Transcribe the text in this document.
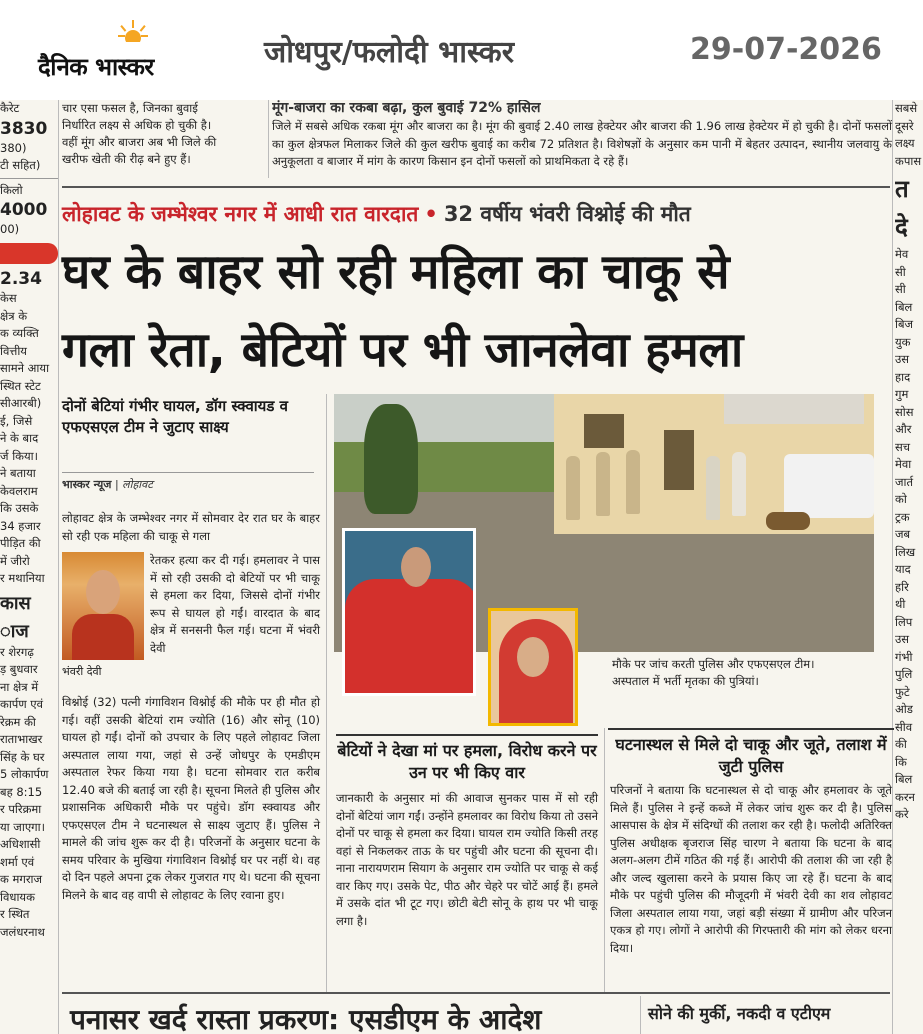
दैनिक भास्कर	जोधपुर/फलोदी भास्कर	29-07-2026

कैरेट

3830

380)

टी सहित)

किलो

4000

00)

2.34

केस

क्षेत्र के

क व्यक्ति

वित्तीय

सामने आया

स्थित स्टेट

सीआरबी)

ई, जिसे

ने के बाद

र्ज किया।

ने बताया

केवलराम

कि उसके

34 हजार

पीड़ित की

में जीरो

र मथानिया

कास

ाज

र शेरगढ़

ड़ बुधवार

ना क्षेत्र में

कार्पण एवं

रेक्रम की

राताभाखर

सिंह के घर

5 लोकार्पण

बह 8:15

र परिक्रमा

या जाएगा।

अधिशासी

शर्मा एवं

क मगराज

विधायक

र स्थित

जलंधरनाथ

सबसे

दूसरे

लक्ष्य

कपास

त

दे

मेव

सी

सी

बिल

बिज

युक

उस

हाद

गुम

सोस

और

सच

मेवा

जार्त

को

ट्रक

जब

लिख

याद

हरि

थी

लिप

उस

गंभी

पुलि

फुटे

ओड

सीव

की

कि

बिल

करन

करे

चार एसा फसल है, जिनका बुवाई

निर्धारित लक्ष्य से अधिक हो चुकी है।

वहीं मूंग और बाजरा अब भी जिले की

खरीफ खेती की रीढ़ बने हुए हैं।

मूंग-बाजरा का रकबा बढ़ा, कुल बुवाई 72% हासिल

जिले में सबसे अधिक रकबा मूंग और बाजरा का है। मूंग की बुवाई 2.40 लाख हेक्टेयर और बाजरा की 1.96 लाख हेक्टेयर में हो चुकी है। दोनों फसलों का कुल क्षेत्रफल मिलाकर जिले की कुल खरीफ बुवाई का करीब 72 प्रतिशत है। विशेषज्ञों के अनुसार कम पानी में बेहतर उत्पादन, स्थानीय जलवायु के अनुकूलता व बाजार में मांग के कारण किसान इन दोनों फसलों को प्राथमिकता दे रहे हैं।

लोहावट के जम्भेश्वर नगर में आधी रात वारदात • 32 वर्षीय भंवरी विश्नोई की मौत
घर के बाहर सो रही महिला का चाकू से
गला रेता, बेटियों पर भी जानलेवा हमला
दोनों बेटियां गंभीर घायल, डॉग स्क्वायड व एफएसएल टीम ने जुटाए साक्ष्य
भास्कर न्यूज | लोहावट

लोहावट क्षेत्र के जम्भेश्वर नगर में सोमवार देर रात घर के बाहर सो रही एक महिला की चाकू से गला

भंवरी देवी

रेतकर हत्या कर दी गई। हमलावर ने पास में सो रही उसकी दो बेटियों पर भी चाकू से हमला कर दिया, जिससे दोनों गंभीर रूप से घायल हो गईं। वारदात के बाद क्षेत्र में सनसनी फैल गई। घटना में भंवरी देवी

विश्नोई (32) पत्नी गंगाविशन विश्नोई की मौके पर ही मौत हो गई। वहीं उसकी बेटियां राम ज्योति (16) और सोनू (10) घायल हो गईं। दोनों को उपचार के लिए पहले लोहावट जिला अस्पताल लाया गया, जहां से उन्हें जोधपुर के एमडीएम अस्पताल रेफर किया गया है। घटना सोमवार रात करीब 12.40 बजे की बताई जा रही है। सूचना मिलते ही पुलिस और प्रशासनिक अधिकारी मौके पर पहुंचे। डॉग स्क्वायड और एफएसएल टीम ने घटनास्थल से साक्ष्य जुटाए हैं। पुलिस ने मामले की जांच शुरू कर दी है। परिजनों के अनुसार घटना के समय परिवार के मुखिया गंगाविशन विश्नोई घर पर नहीं थे। वह दो दिन पहले अपना ट्रक लेकर गुजरात गए थे। घटना की सूचना मिलने के बाद वह वापी से लोहावट के लिए रवाना हुए।

मौके पर जांच करती पुलिस और एफएसएल टीम।

अस्पताल में भर्ती मृतका की पुत्रियां।

बेटियों ने देखा मां पर हमला, विरोध करने पर उन पर भी किए वार

जानकारी के अनुसार मां की आवाज सुनकर पास में सो रही दोनों बेटियां जाग गईं। उन्होंने हमलावर का विरोध किया तो उसने दोनों पर चाकू से हमला कर दिया। घायल राम ज्योति किसी तरह वहां से निकलकर ताऊ के घर पहुंची और घटना की सूचना दी। नाना नारायणराम सियाग के अनुसार राम ज्योति पर चाकू से कई वार किए गए। उसके पेट, पीठ और चेहरे पर चोटें आई हैं। हमले में उसके दांत भी टूट गए। छोटी बेटी सोनू के हाथ पर भी चाकू लगा है।

घटनास्थल से मिले दो चाकू और जूते, तलाश में जुटी पुलिस

परिजनों ने बताया कि घटनास्थल से दो चाकू और हमलावर के जूते मिले हैं। पुलिस ने इन्हें कब्जे में लेकर जांच शुरू कर दी है। पुलिस आसपास के क्षेत्र में संदिग्धों की तलाश कर रही है। फलोदी अतिरिक्त पुलिस अधीक्षक बृजराज सिंह चारण ने बताया कि घटना के बाद अलग-अलग टीमें गठित की गई हैं। आरोपी की तलाश की जा रही है और जल्द खुलासा करने के प्रयास किए जा रहे हैं। घटना के बाद मौके पर पहुंची पुलिस की मौजूदगी में भंवरी देवी का शव लोहावट जिला अस्पताल लाया गया, जहां बड़ी संख्या में ग्रामीण और परिजन एकत्र हो गए। लोगों ने आरोपी की गिरफ्तारी की मांग को लेकर धरना दिया।

पनासर खर्द रास्ता प्रकरण: एसडीएम के आदेश	सोने की मुर्की, नकदी व एटीएम
